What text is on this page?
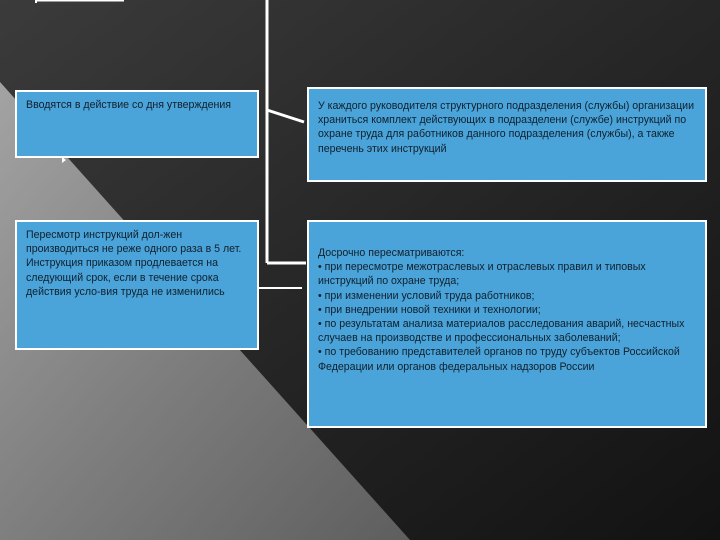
Вводятся в действие со дня утверждения
Пересмотр инструкций дол-жен производиться не реже одного раза в 5 лет. Инструкция приказом продлевается на следующий срок, если в течение срока действия усло-вия труда не изменились
У каждого руководителя структурного подразделения (службы) организации храниться комплект действующих в подразделени (службе) инструкций по охране труда для работников данного подразделения (службы), а также перечень этих инструкций
Досрочно пересматриваются:
• при пересмотре межотраслевых и отраслевых правил и типовых инструкций по охране труда;
• при изменении условий труда работников;
• при внедрении новой техники и технологии;
• по результатам анализа материалов расследования аварий, несчастных случаев на производстве и профессиональных заболеваний;
• по требованию представителей органов по труду субъектов Российской Федерации или органов федеральных надзоров России
